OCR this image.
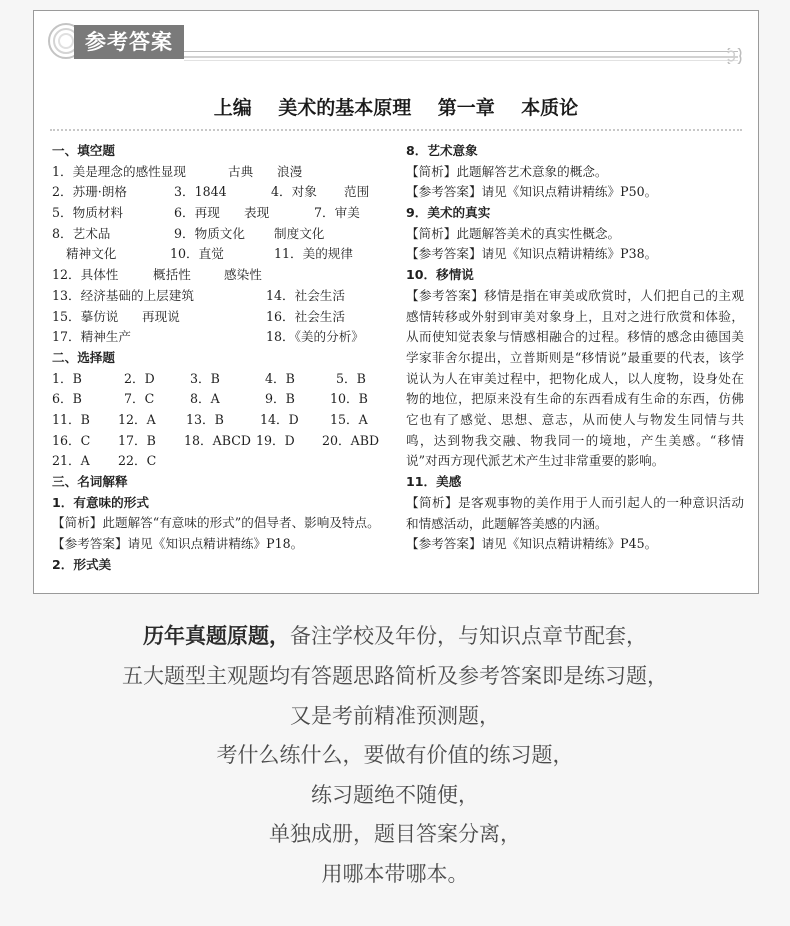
参考答案
上编    美术的基本原理    第一章    本质论
一、填空题
1．美是理念的感性显现	古典 浪漫
2．苏珊·朗格	3．1844	4．对象 范围
5．物质材料	6．再现 表现	7．审美
8．艺术品	9．物质文化 制度文化
精神文化	10．直觉	11．美的规律
12．具体性	概括性	感染性
13．经济基础的上层建筑	14．社会生活
15．摹仿说 再现说	16．社会生活
17．精神生产	18．《美的分析》
二、选择题
1．B	2．D	3．B	4．B	5．B
6．B	7．C	8．A	9．B	10．B
11．B 12．A 13．B	14．D 15．A
16．C 17．B 18．ABCD 19．D 20．ABD
21．A 22．C
三、名词解释
1．有意味的形式
【简析】此题解答“有意味的形式”的倡导者、影响及特点。
【参考答案】请见《知识点精讲精练》P18。
2．形式美
8．艺术意象
【简析】此题解答艺术意象的概念。
【参考答案】请见《知识点精讲精练》P50。
9．美术的真实
【简析】此题解答美术的真实性概念。
【参考答案】请见《知识点精讲精练》P38。
10．移情说
【参考答案】移情是指在审美或欣赏时，人们把自己的主观感情转移或外射到审美对象身上，且对之进行欣赏和体验，从而使知觉表象与情感相融合的过程。移情的感念由德国美学家菲舍尔提出，立普斯则是“移情说”最重要的代表，该学说认为人在审美过程中，把物化成人，以人度物，设身处在物的地位，把原来没有生命的东西看成有生命的东西，仿佛它也有了感觉、思想、意志，从而使人与物发生同情与共鸣，达到物我交融、物我同一的境地，产生美感。“移情说”对西方现代派艺术产生过非常重要的影响。
11．美感
【简析】是客观事物的美作用于人而引起人的一种意识活动和情感活动，此题解答美感的内涵。
【参考答案】请见《知识点精讲精练》P45。
历年真题原题，备注学校及年份，与知识点章节配套，
五大题型主观题均有答题思路简析及参考答案即是练习题，
又是考前精准预测题，
考什么练什么，要做有价值的练习题，
练习题绝不随便，
单独成册，题目答案分离，
用哪本带哪本。
